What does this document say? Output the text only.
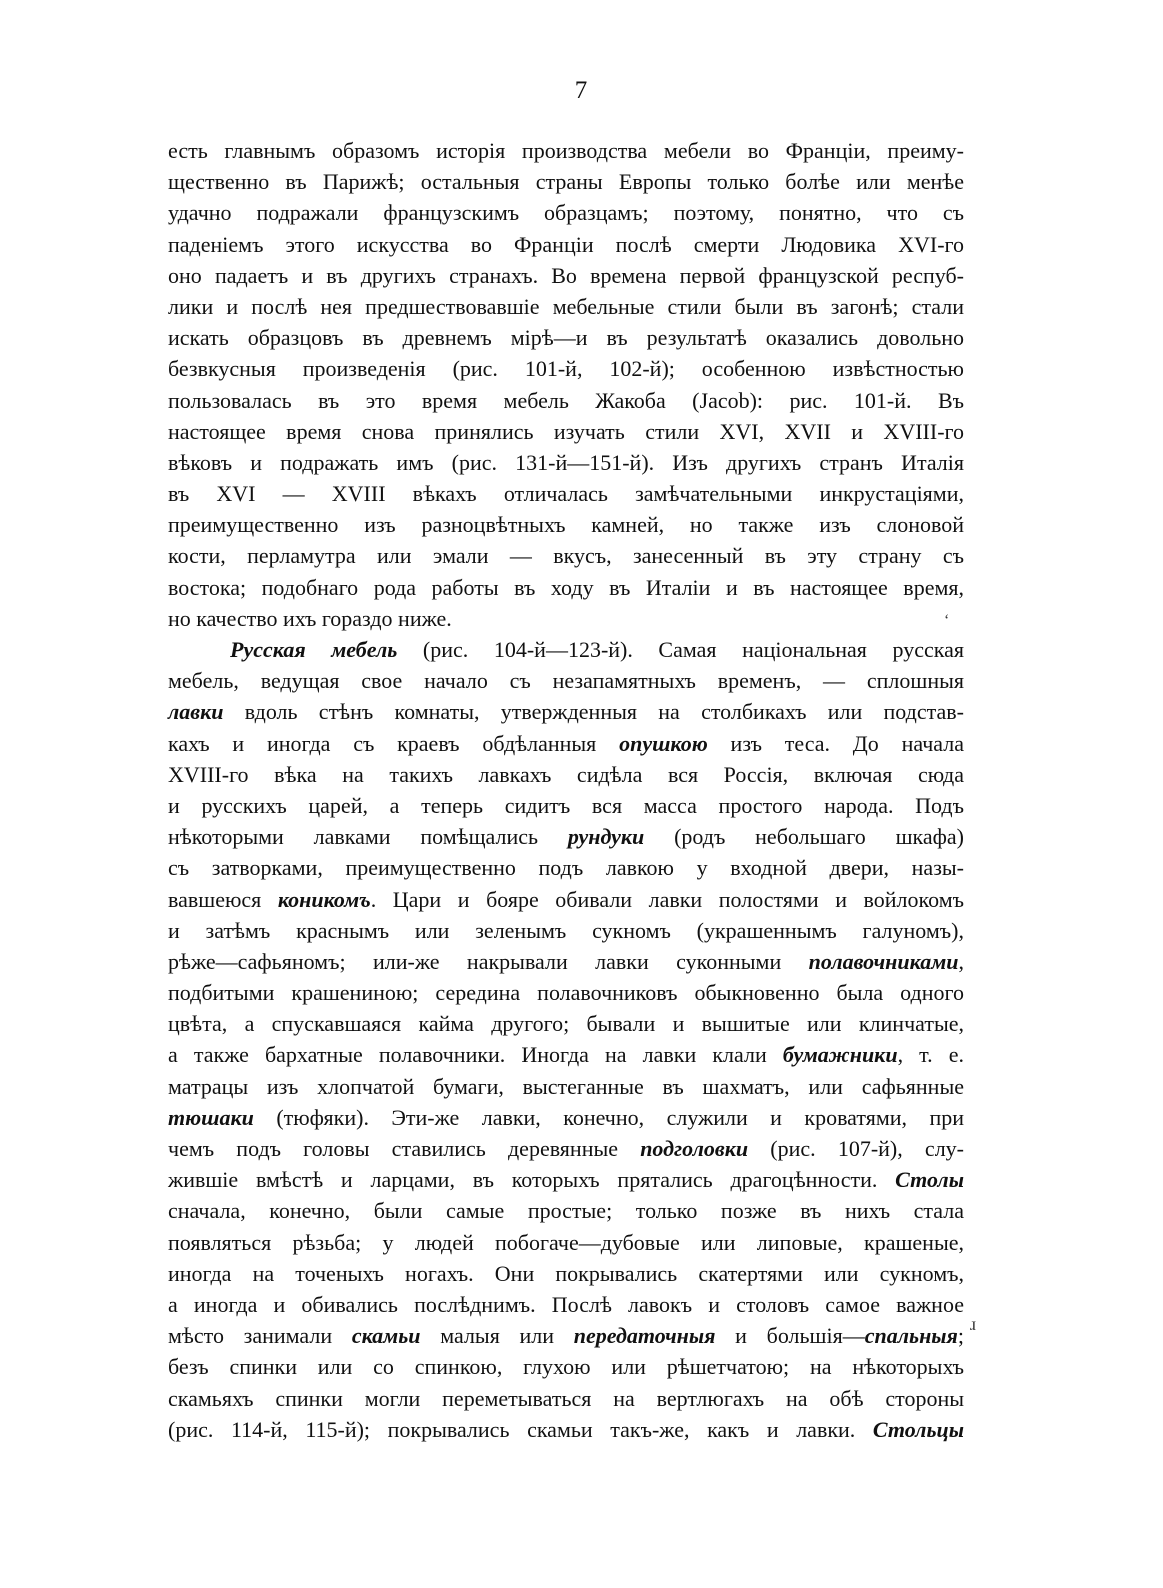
7
есть главнымъ образомъ исторія производства мебели во Франціи, преиму-
щественно въ Парижѣ; остальныя страны Европы только болѣе или менѣе
удачно подражали французскимъ образцамъ; поэтому, понятно, что съ
паденіемъ этого искусства во Франціи послѣ смерти Людовика XVI-го
оно падаетъ и въ другихъ странахъ. Во времена первой французской респуб-
лики и послѣ нея предшествовавшіе мебельные стили были въ загонѣ; стали
искать образцовъ въ древнемъ мірѣ—и въ результатѣ оказались довольно
безвкусныя произведенія (рис. 101-й, 102-й); особенною извѣстностью
пользовалась въ это время мебель Жакоба (Jacob): рис. 101-й. Въ
настоящее время снова принялись изучать стили XVI, XVII и XVIII-го
вѣковъ и подражать имъ (рис. 131-й—151-й). Изъ другихъ странъ Италія
въ XVI — XVIII вѣкахъ отличалась замѣчательными инкрустаціями,
преимущественно изъ разноцвѣтныхъ камней, но также изъ слоновой
кости, перламутра или эмали — вкусъ, занесенный въ эту страну съ
востока; подобнаго рода работы въ ходу въ Италіи и въ настоящее время,
но качество ихъ гораздо ниже.
Русская мебель (рис. 104-й—123-й). Самая національная русская
мебель, ведущая свое начало съ незапамятныхъ временъ, — сплошныя
лавки вдоль стѣнъ комнаты, утвержденныя на столбикахъ или подстав-
кахъ и иногда съ краевъ обдѣланныя опушкою изъ теса. До начала
XVIII-го вѣка на такихъ лавкахъ сидѣла вся Россія, включая сюда
и русскихъ царей, а теперь сидитъ вся масса простого народа. Подъ
нѣкоторыми лавками помѣщались рундуки (родъ небольшаго шкафа)
съ затворками, преимущественно подъ лавкою у входной двери, назы-
вавшеюся коникомъ. Цари и бояре обивали лавки полостями и войлокомъ
и затѣмъ краснымъ или зеленымъ сукномъ (украшеннымъ галуномъ),
рѣже—сафьяномъ; или-же накрывали лавки суконными полавочниками,
подбитыми крашениною; середина полавочниковъ обыкновенно была одного
цвѣта, а спускавшаяся кайма другого; бывали и вышитые или клинчатые,
а также бархатные полавочники. Иногда на лавки клали бумажники, т. е.
матрацы изъ хлопчатой бумаги, выстеганные въ шахматъ, или сафьянные
тюшаки (тюфяки). Эти-же лавки, конечно, служили и кроватями, при
чемъ подъ головы ставились деревянные подголовки (рис. 107-й), слу-
жившіе вмѣстѣ и ларцами, въ которыхъ прятались драгоцѣнности. Столы
сначала, конечно, были самые простые; только позже въ нихъ стала
появляться рѣзьба; у людей побогаче—дубовые или липовые, крашеные,
иногда на точеныхъ ногахъ. Они покрывались скатертями или сукномъ,
а иногда и обивались послѣднимъ. Послѣ лавокъ и столовъ самое важное
мѣсто занимали скамьи малыя или передаточныя и большія—спальныя;
безъ спинки или со спинкою, глухою или рѣшетчатою; на нѣкоторыхъ
скамьяхъ спинки могли переметываться на вертлюгахъ на обѣ стороны
(рис. 114-й, 115-й); покрывались скамьи такъ-же, какъ и лавки. Стольцы
‘
ɹ
